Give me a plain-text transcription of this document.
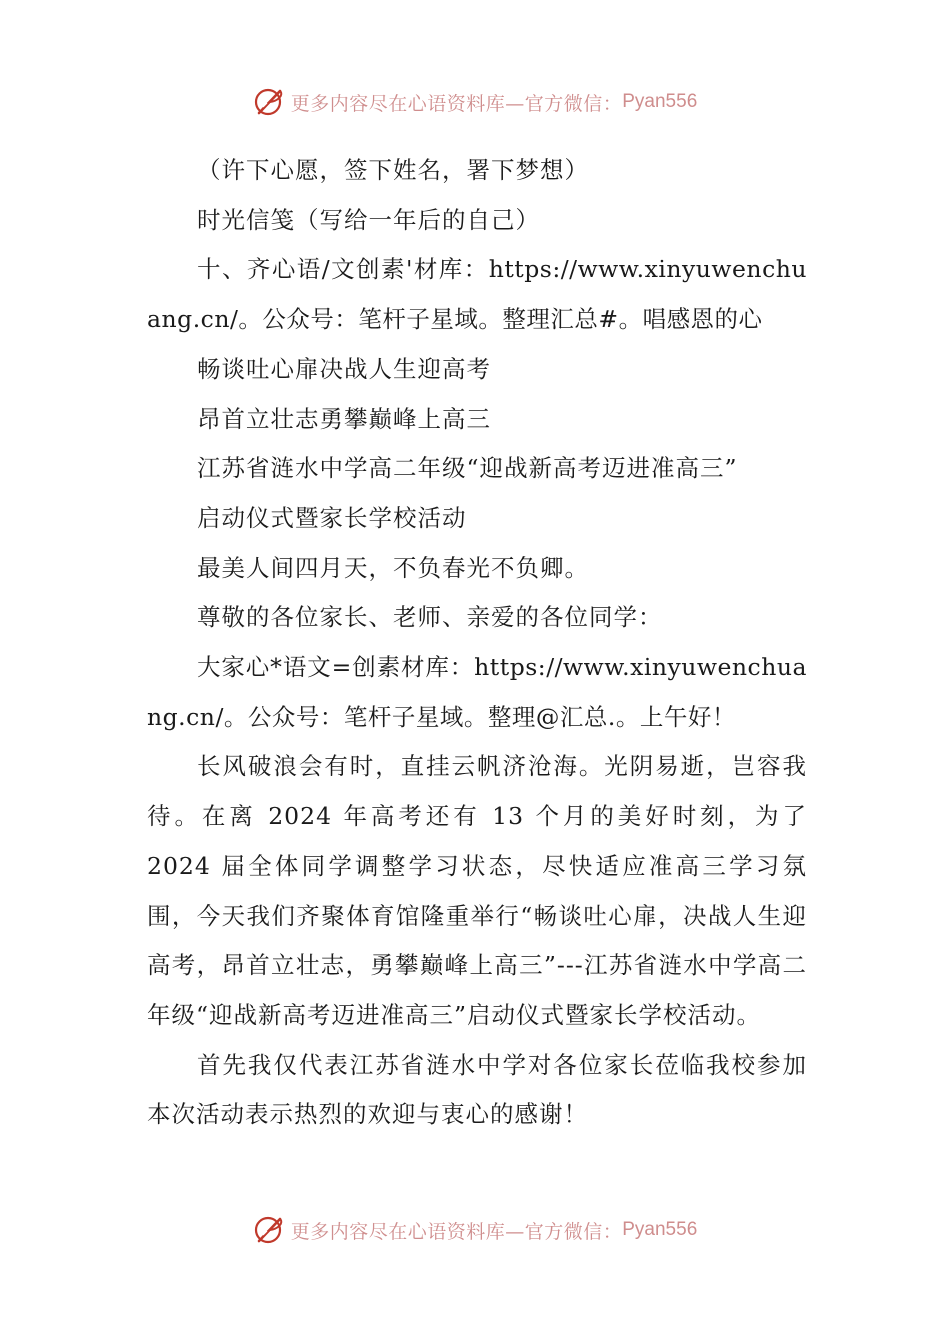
更多内容尽在心语资料库—官方微信： Pyan556

（许下心愿，签下姓名，署下梦想）

时光信笺（写给一年后的自己）

十、齐心语/文创素'材库：https://www.xinyuwenchuang.cn/。公众号：笔杆子星域。整理汇总#。唱感恩的心

畅谈吐心扉决战人生迎高考

昂首立壮志勇攀巅峰上高三

江苏省涟水中学高二年级“迎战新高考迈进准高三”

启动仪式暨家长学校活动

最美人间四月天，不负春光不负卿。

尊敬的各位家长、老师、亲爱的各位同学：

大家心*语文=创素材库：https://www.xinyuwenchuang.cn/。公众号：笔杆子星域。整理@汇总.。上午好！

长风破浪会有时，直挂云帆济沧海。光阴易逝，岂容我待。在离 2024 年高考还有 13 个月的美好时刻，为了 2024 届全体同学调整学习状态，尽快适应准高三学习氛围，今天我们齐聚体育馆隆重举行“畅谈吐心扉，决战人生迎高考，昂首立壮志，勇攀巅峰上高三”---江苏省涟水中学高二年级“迎战新高考迈进准高三”启动仪式暨家长学校活动。

首先我仅代表江苏省涟水中学对各位家长莅临我校参加本次活动表示热烈的欢迎与衷心的感谢！

更多内容尽在心语资料库—官方微信： Pyan556
